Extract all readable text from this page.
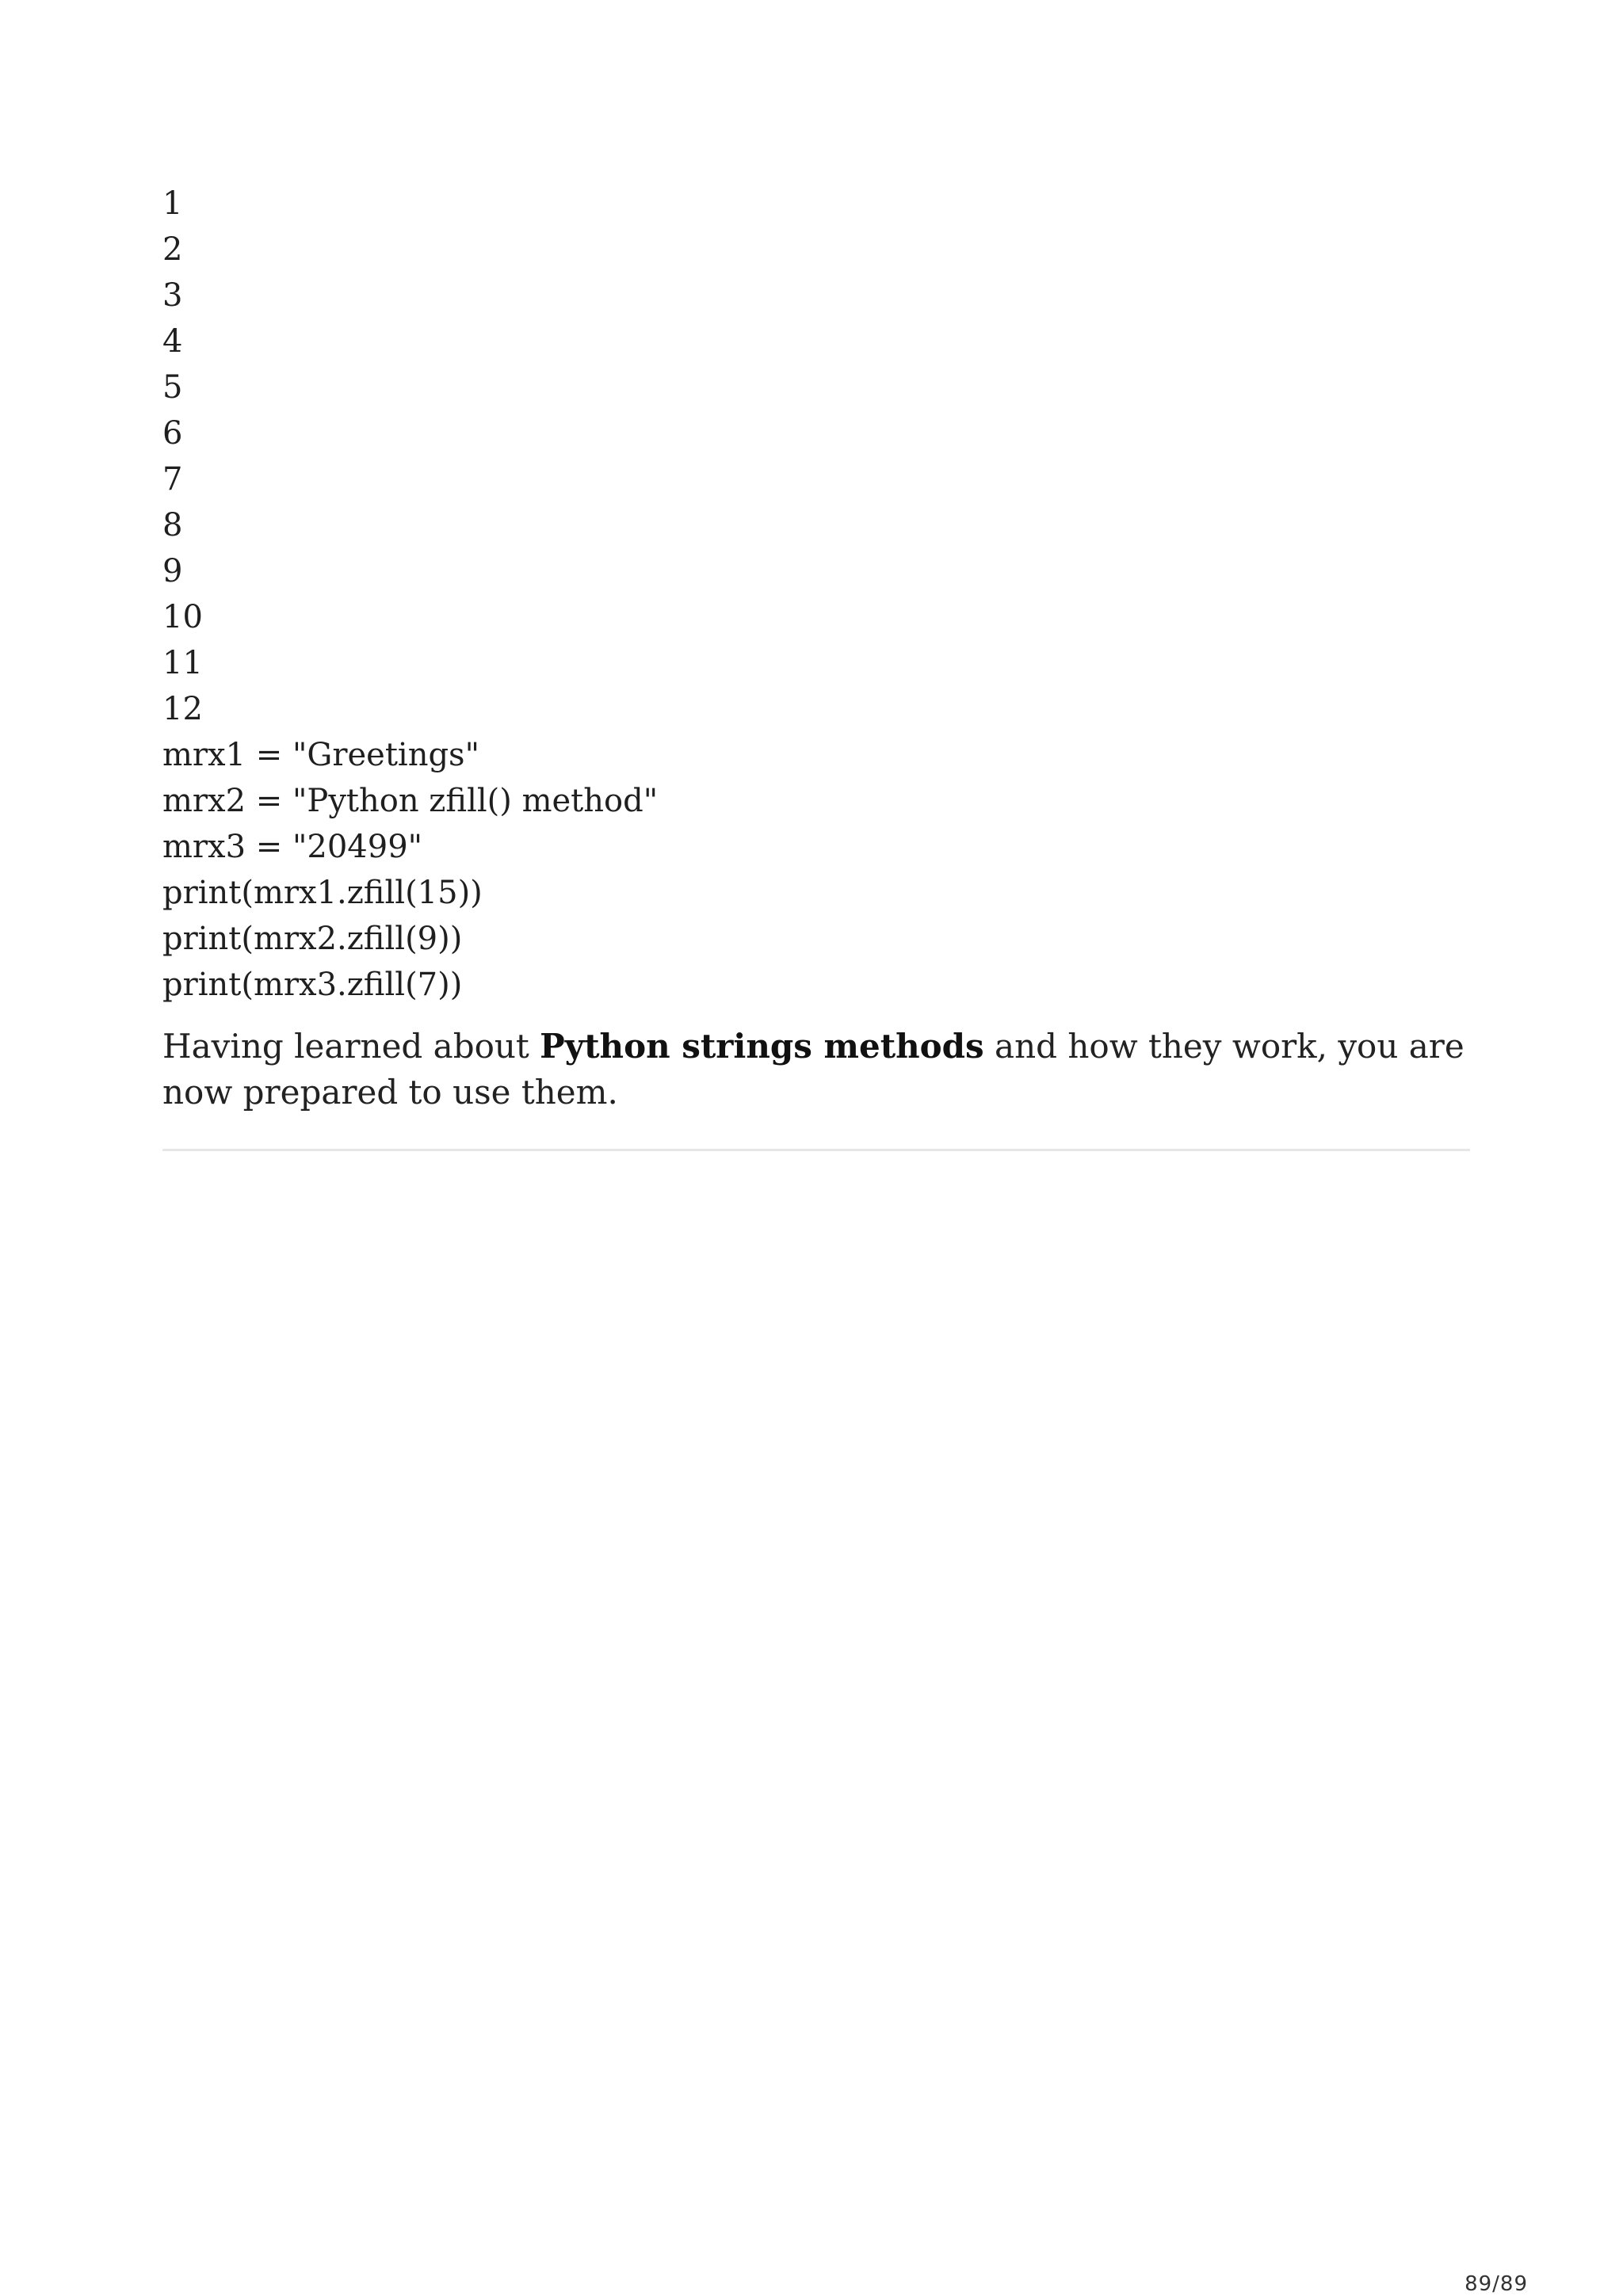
1
2
3
4
5
6
7
8
9
10
11
12
mrx1 = "Greetings"
mrx2 = "Python zfill() method"
mrx3 = "20499"
print(mrx1.zfill(15))
print(mrx2.zfill(9))
print(mrx3.zfill(7))

Having learned about Python strings methods and how they work, you are now prepared to use them.

89/89
